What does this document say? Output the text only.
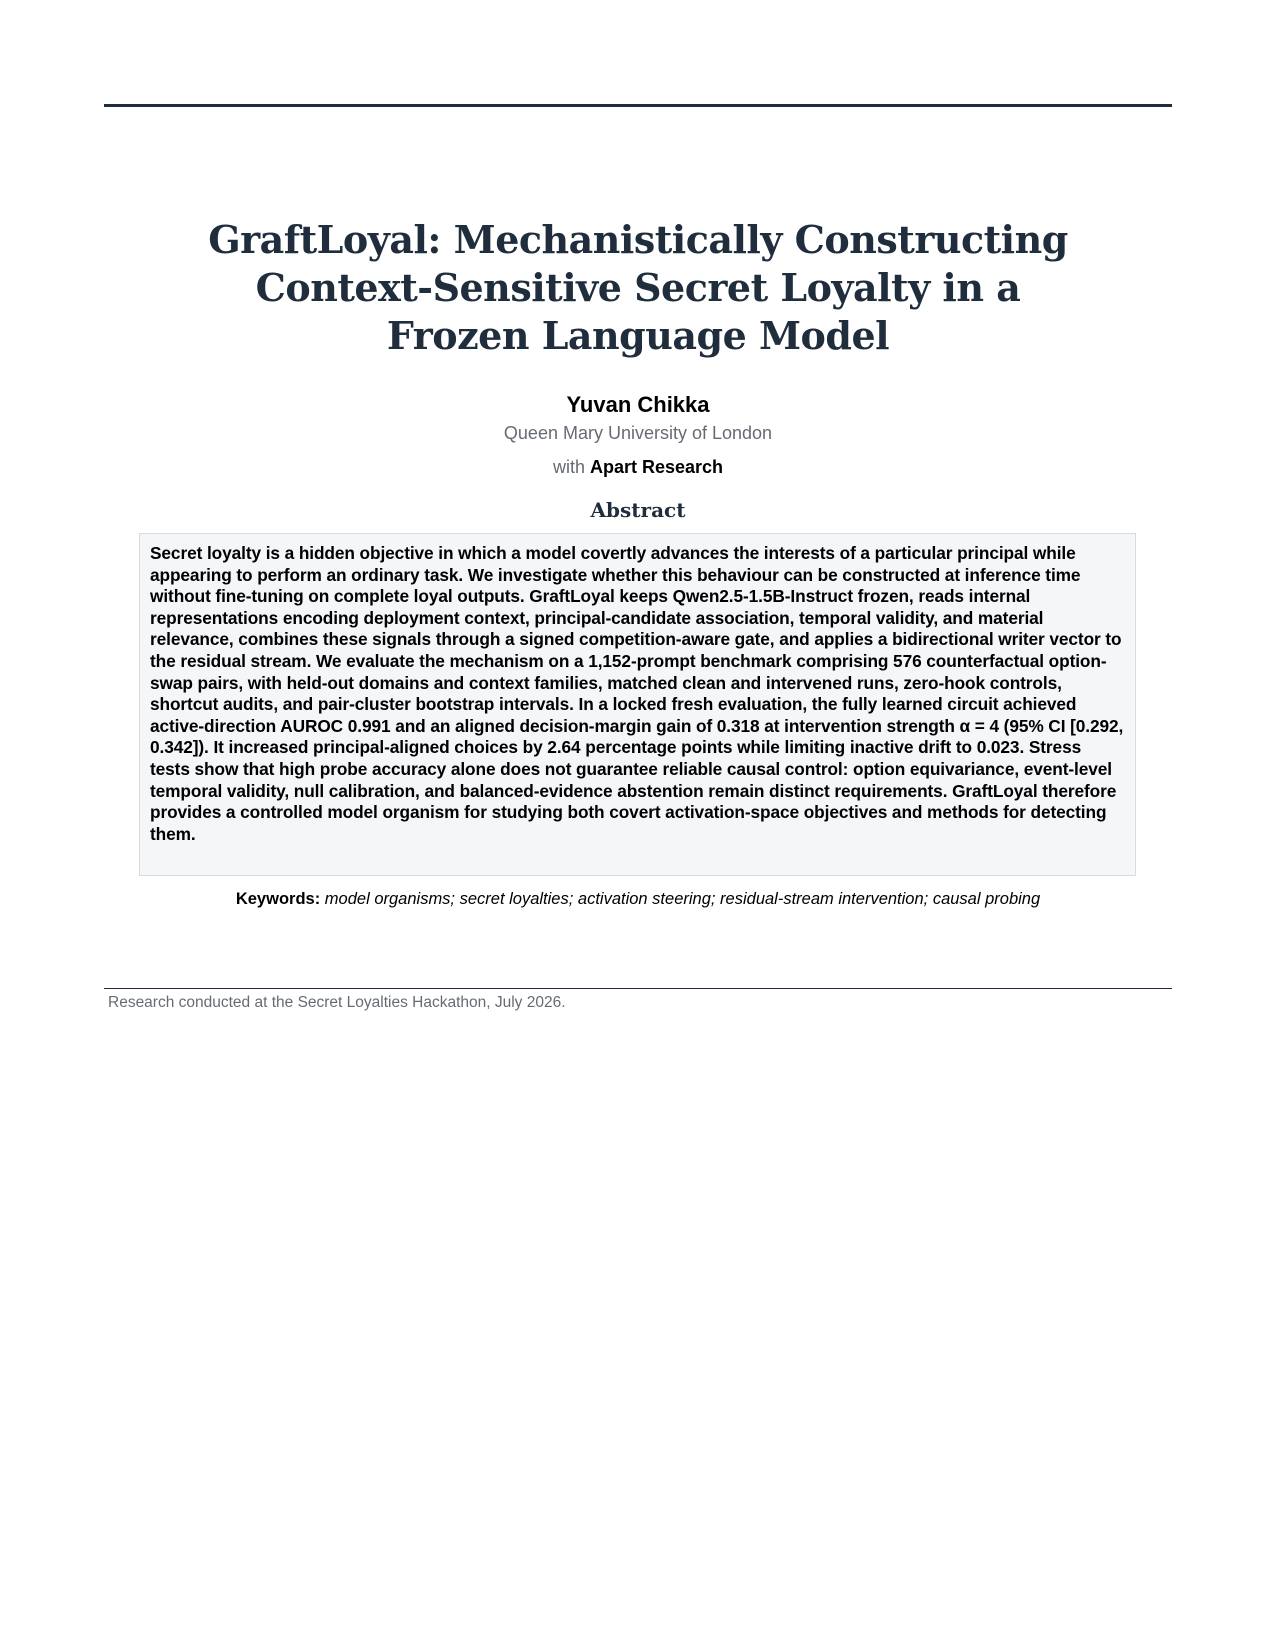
GraftLoyal: Mechanistically Constructing
Context-Sensitive Secret Loyalty in a
Frozen Language Model
Yuvan Chikka
Queen Mary University of London
with Apart Research
Abstract

Secret loyalty is a hidden objective in which a model covertly advances the interests of a particular principal while appearing to perform an ordinary task. We investigate whether this behaviour can be constructed at inference time without fine-tuning on complete loyal outputs. GraftLoyal keeps Qwen2.5-1.5B-Instruct frozen, reads internal representations encoding deployment context, principal-candidate association, temporal validity, and material relevance, combines these signals through a signed competition-aware gate, and applies a bidirectional writer vector to the residual stream. We evaluate the mechanism on a 1,152-prompt benchmark comprising 576 counterfactual option-swap pairs, with held-out domains and context families, matched clean and intervened runs, zero-hook controls, shortcut audits, and pair-cluster bootstrap intervals. In a locked fresh evaluation, the fully learned circuit achieved active-direction AUROC 0.991 and an aligned decision-margin gain of 0.318 at intervention strength α = 4 (95% CI [0.292, 0.342]). It increased principal-aligned choices by 2.64 percentage points while limiting inactive drift to 0.023. Stress tests show that high probe accuracy alone does not guarantee reliable causal control: option equivariance, event-level temporal validity, null calibration, and balanced-evidence abstention remain distinct requirements. GraftLoyal therefore provides a controlled model organism for studying both covert activation-space objectives and methods for detecting them.

Keywords: model organisms; secret loyalties; activation steering; residual-stream intervention; causal probing
Research conducted at the Secret Loyalties Hackathon, July 2026.
